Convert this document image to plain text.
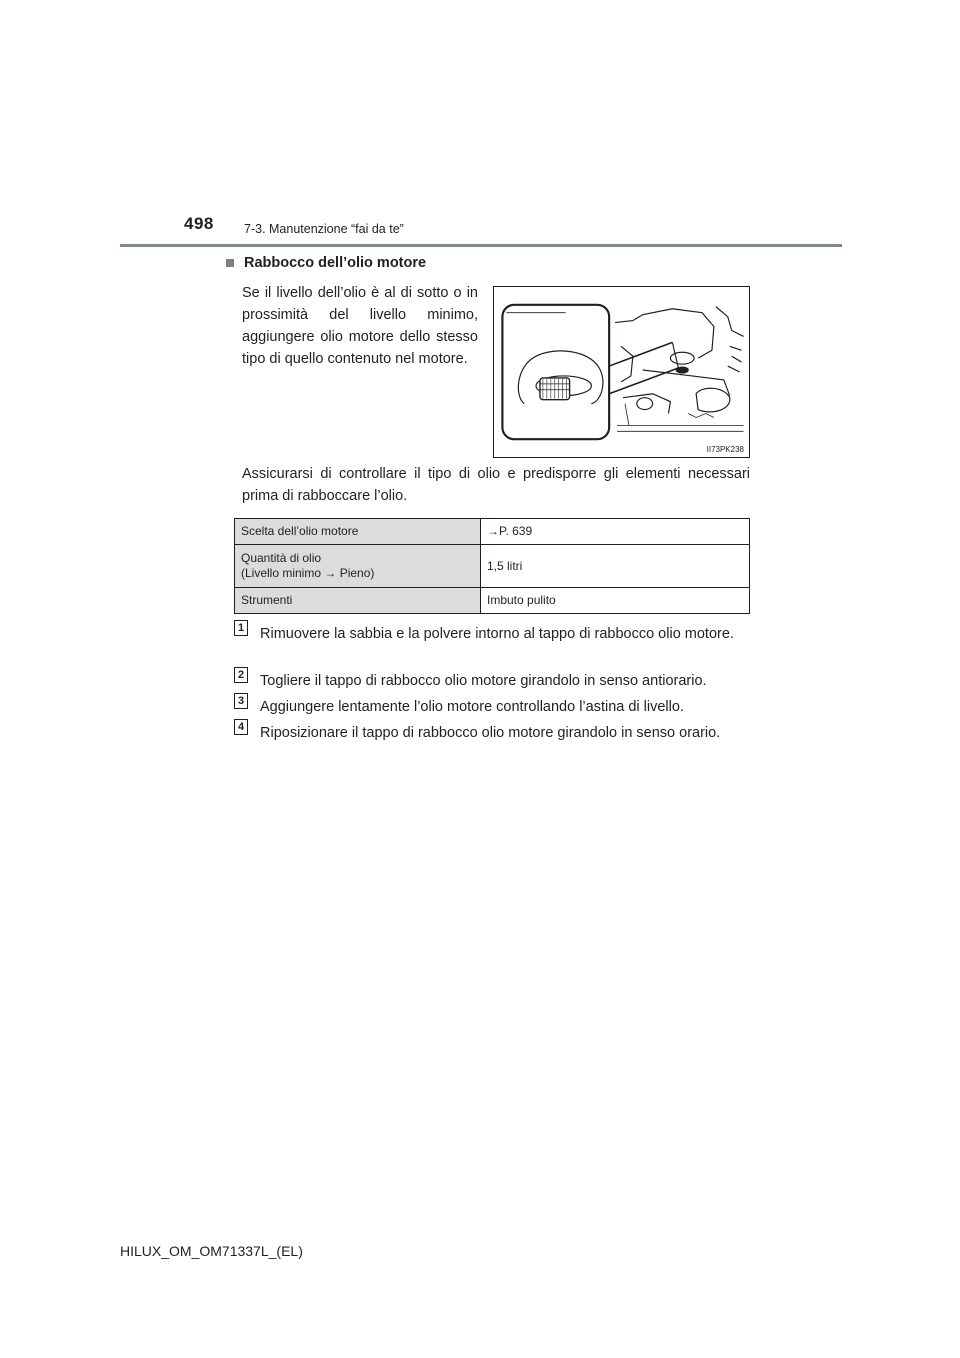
498 7-3. Manutenzione “fai da te”
Rabbocco dell’olio motore
Se il livello dell’olio è al di sotto o in prossimità del livello minimo, aggiungere olio motore dello stesso tipo di quello contenuto nel motore.
II73PK238
Assicurarsi di controllare il tipo di olio e predisporre gli elementi necessari prima di rabboccare l’olio.
Scelta dell’olio motore	→P. 639

Quantità di olio
(Livello minimo → Pieno)	1,5 litri

Strumenti	Imbuto pulito
1 Rimuovere la sabbia e la polvere intorno al tappo di rabbocco olio motore.
2 Togliere il tappo di rabbocco olio motore girandolo in senso antiorario.
3 Aggiungere lentamente l’olio motore controllando l’astina di livello.
4 Riposizionare il tappo di rabbocco olio motore girandolo in senso orario.
HILUX_OM_OM71337L_(EL)
